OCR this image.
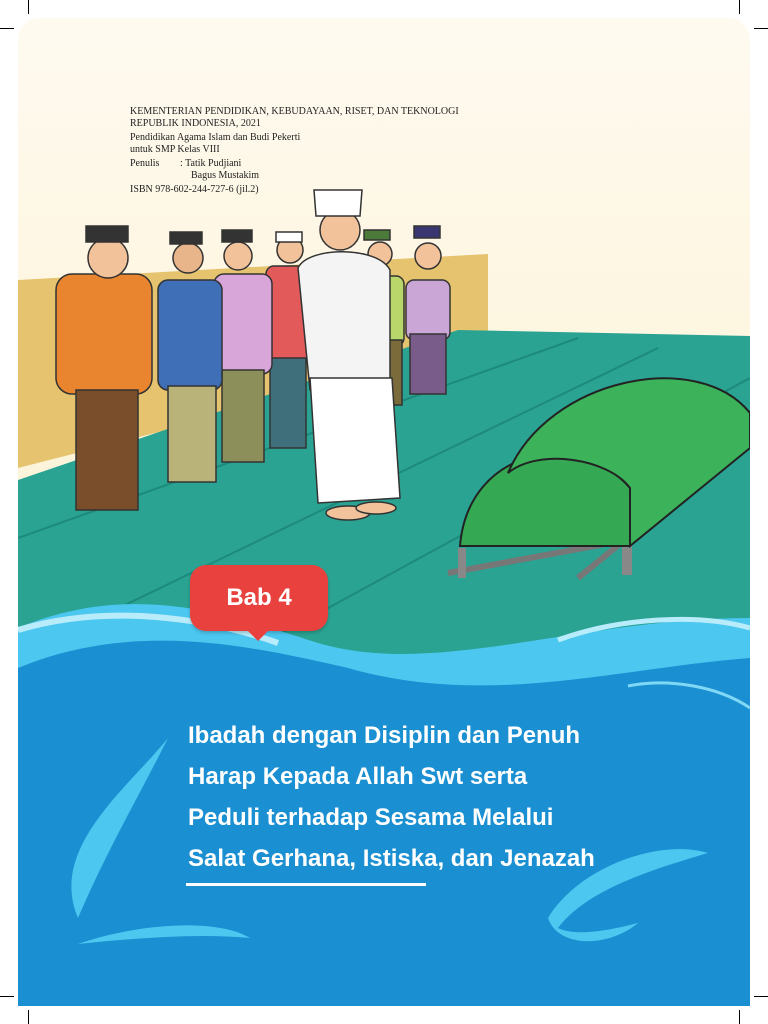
KEMENTERIAN PENDIDIKAN, KEBUDAYAAN, RISET, DAN TEKNOLOGI
REPUBLIK INDONESIA, 2021
Pendidikan Agama Islam dan Budi Pekerti
untuk SMP Kelas VIII
Penulis	: Tatik Pudjiani
Bagus Mustakim
ISBN 978-602-244-727-6 (jil.2)
Bab 4
Ibadah dengan Disiplin dan Penuh
Harap Kepada Allah Swt serta
Peduli terhadap Sesama Melalui
Salat Gerhana, Istiska, dan Jenazah
